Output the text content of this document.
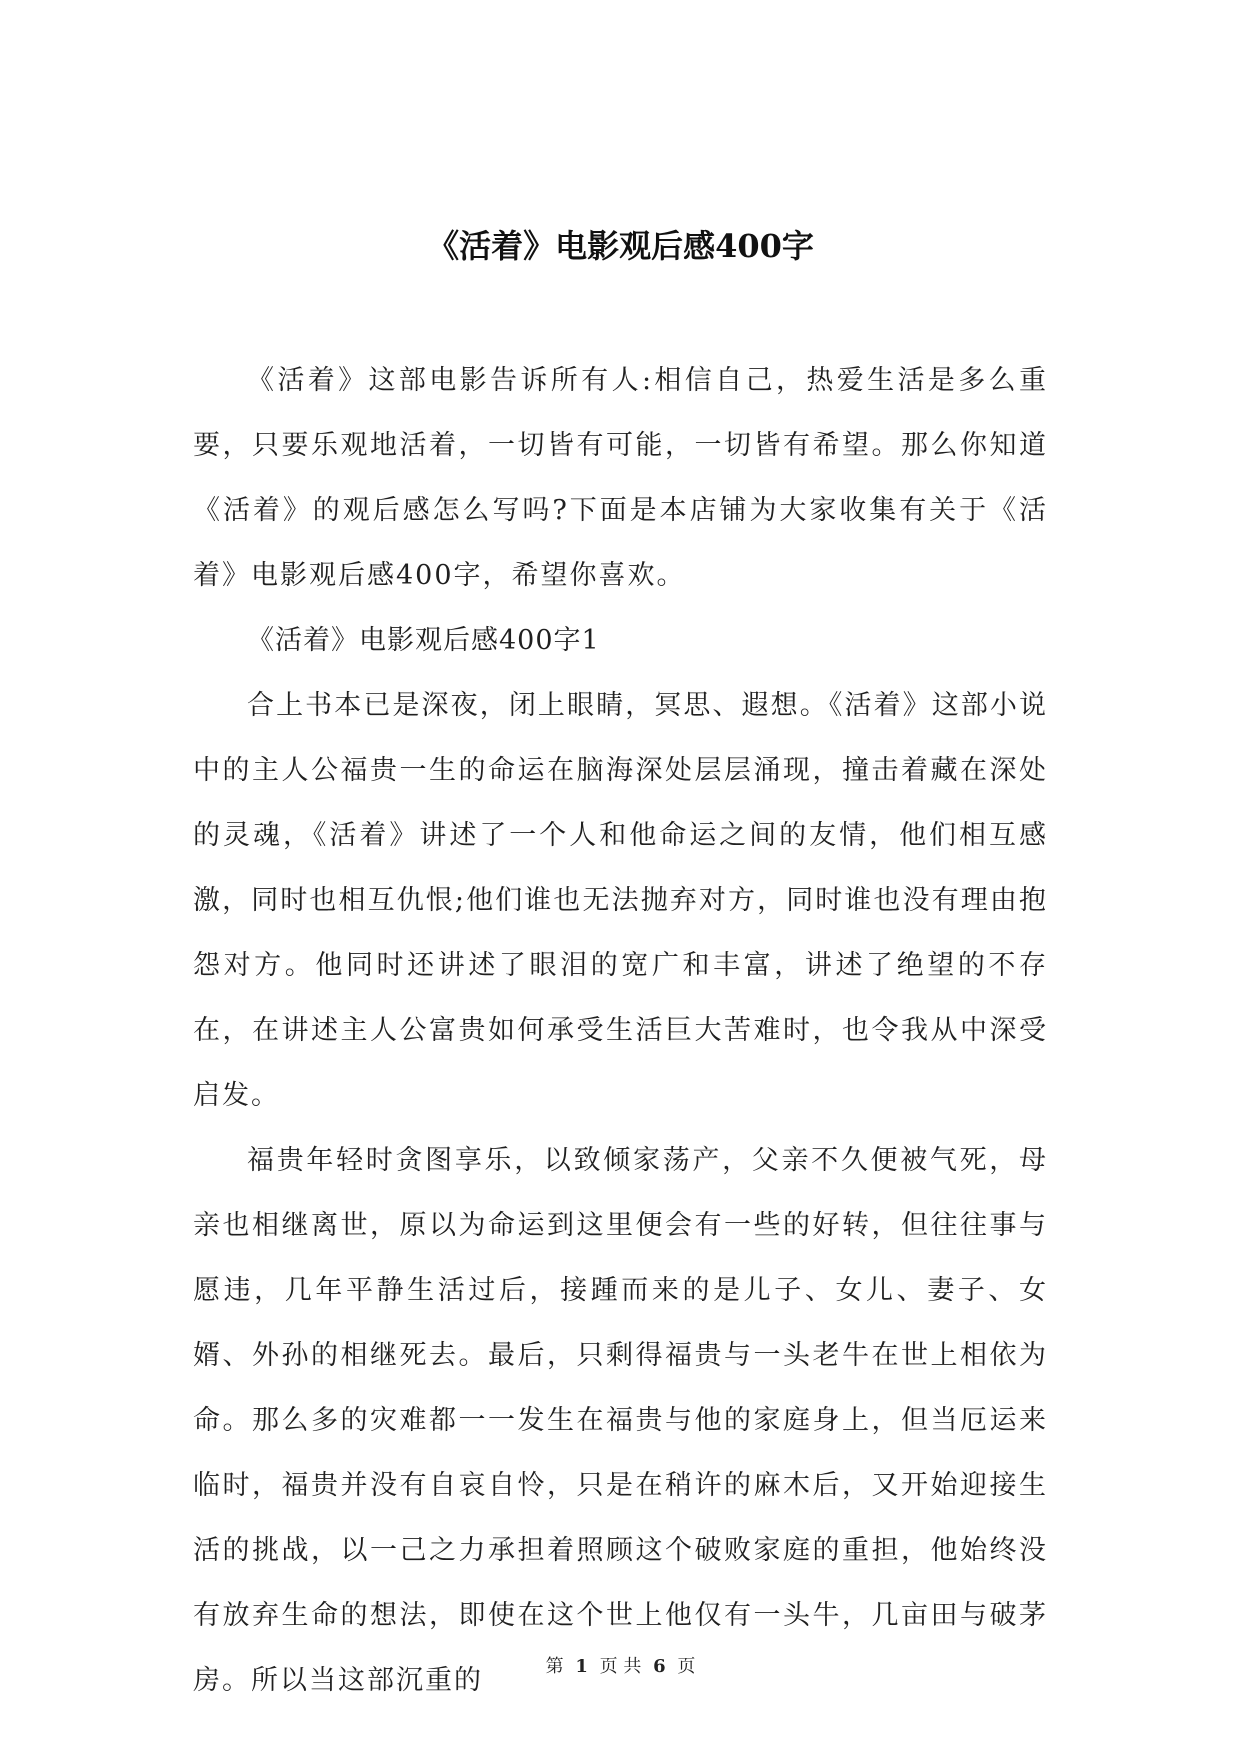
《活着》电影观后感400字

《活着》这部电影告诉所有人:相信自己，热爱生活是多么重要，只要乐观地活着，一切皆有可能，一切皆有希望。那么你知道《活着》的观后感怎么写吗?下面是本店铺为大家收集有关于《活着》电影观后感400字，希望你喜欢。

《活着》电影观后感400字1

合上书本已是深夜，闭上眼睛，冥思、遐想。《活着》这部小说中的主人公福贵一生的命运在脑海深处层层涌现，撞击着藏在深处的灵魂，《活着》讲述了一个人和他命运之间的友情，他们相互感激，同时也相互仇恨;他们谁也无法抛弃对方，同时谁也没有理由抱怨对方。他同时还讲述了眼泪的宽广和丰富，讲述了绝望的不存在，在讲述主人公富贵如何承受生活巨大苦难时，也令我从中深受启发。

福贵年轻时贪图享乐，以致倾家荡产，父亲不久便被气死，母亲也相继离世，原以为命运到这里便会有一些的好转，但往往事与愿违，几年平静生活过后，接踵而来的是儿子、女儿、妻子、女婿、外孙的相继死去。最后，只剩得福贵与一头老牛在世上相依为命。那么多的灾难都一一发生在福贵与他的家庭身上，但当厄运来临时，福贵并没有自哀自怜，只是在稍许的麻木后，又开始迎接生活的挑战，以一己之力承担着照顾这个破败家庭的重担，他始终没有放弃生命的想法，即使在这个世上他仅有一头牛，几亩田与破茅房。所以当这部沉重的	第 1 页 共 6 页
